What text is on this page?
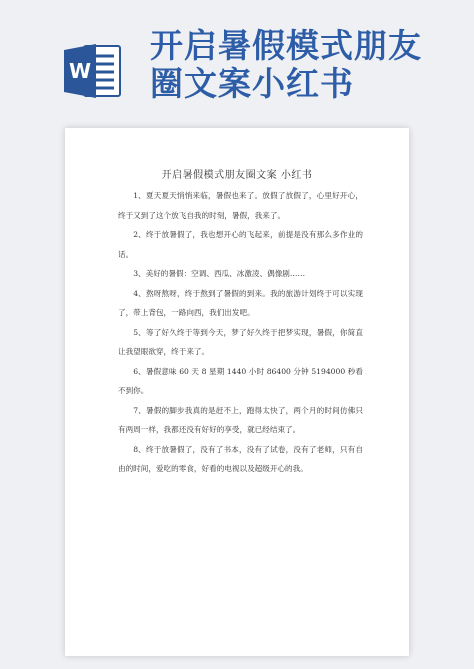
W
开启暑假模式朋友圈文案小红书
开启暑假模式朋友圈文案 小红书

1、夏天夏天悄悄来临，暑假也来了。放假了放假了，心里好开心，终于又到了这个放飞自我的时刻，暑假，我来了。

2、终于放暑假了，我也想开心的飞起来，前提是没有那么多作业的话。

3、美好的暑假：空调、西瓜、冰激凌、偶像剧……

4、熬呀熬呀，终于熬到了暑假的到来。我的旅游计划终于可以实现了，带上背包，一路向西，我们出发吧。

5、等了好久终于等到今天，梦了好久终于把梦实现，暑假，你简直让我望眼欲穿，终于来了。

6、暑假意味 60 天 8 星期 1440 小时 86400 分钟 5194000 秒看不到你。

7、暑假的脚步我真的是赶不上，跑得太快了，两个月的时间仿佛只有两周一样，我都还没有好好的享受，就已经结束了。

8、终于放暑假了，没有了书本，没有了试卷，没有了老师，只有自由的时间，爱吃的零食，好看的电视以及超级开心的我。
